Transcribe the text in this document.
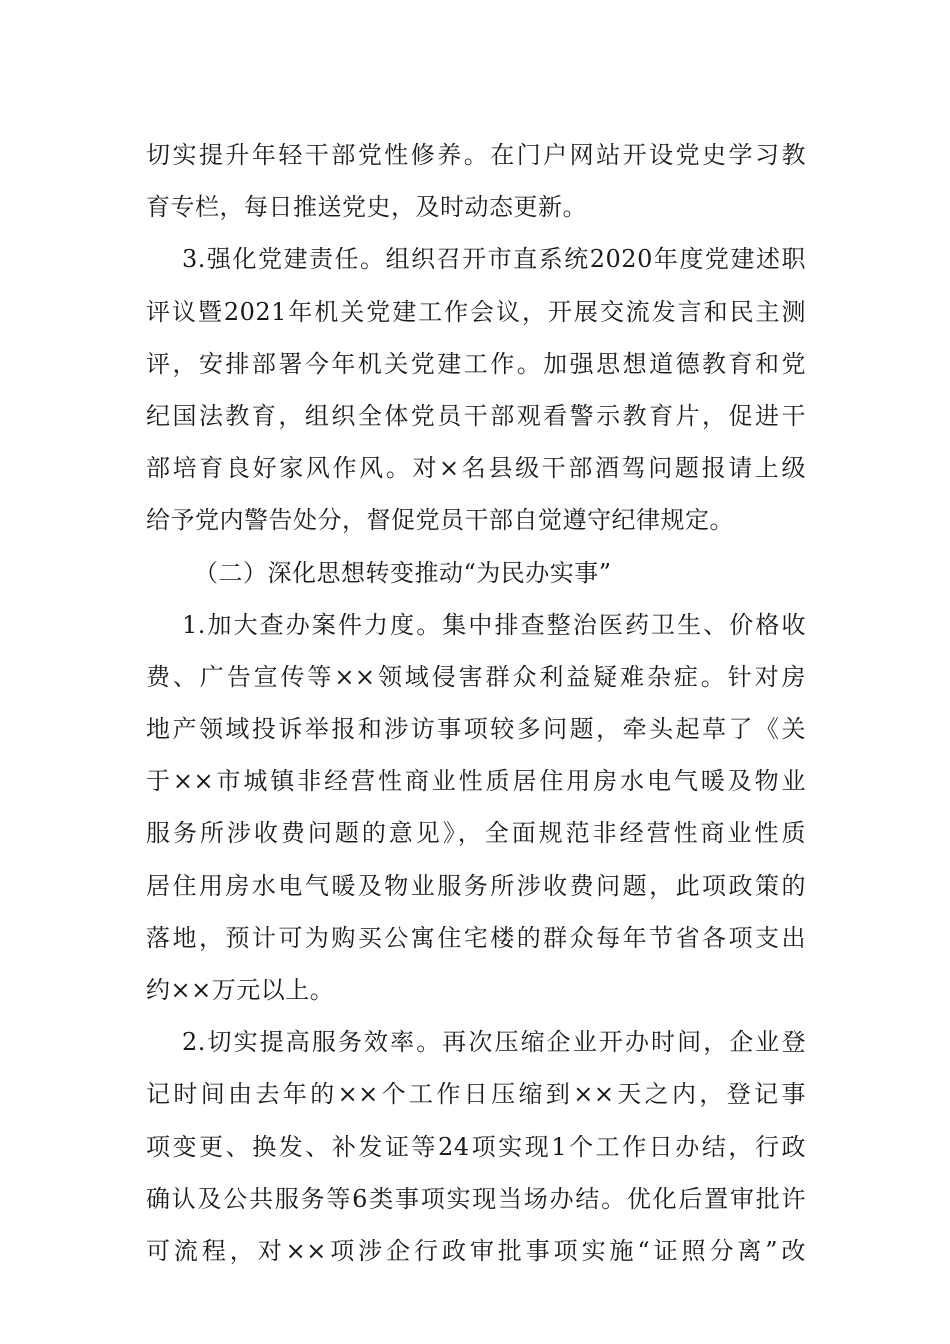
切实提升年轻干部党性修养。在门户网站开设党史学习教
育专栏，每日推送党史，及时动态更新。
3.强化党建责任。组织召开市直系统2020年度党建述职
评议暨2021年机关党建工作会议，开展交流发言和民主测
评，安排部署今年机关党建工作。加强思想道德教育和党
纪国法教育，组织全体党员干部观看警示教育片，促进干
部培育良好家风作风。对×名县级干部酒驾问题报请上级
给予党内警告处分，督促党员干部自觉遵守纪律规定。
（二）深化思想转变推动“为民办实事”
1.加大查办案件力度。集中排查整治医药卫生、价格收
费、广告宣传等××领域侵害群众利益疑难杂症。针对房
地产领域投诉举报和涉访事项较多问题，牵头起草了《关
于××市城镇非经营性商业性质居住用房水电气暖及物业
服务所涉收费问题的意见》，全面规范非经营性商业性质
居住用房水电气暖及物业服务所涉收费问题，此项政策的
落地，预计可为购买公寓住宅楼的群众每年节省各项支出
约××万元以上。
2.切实提高服务效率。再次压缩企业开办时间，企业登
记时间由去年的××个工作日压缩到××天之内，登记事
项变更、换发、补发证等24项实现1个工作日办结，行政
确认及公共服务等6类事项实现当场办结。优化后置审批许
可流程，对××项涉企行政审批事项实施“证照分离”改
